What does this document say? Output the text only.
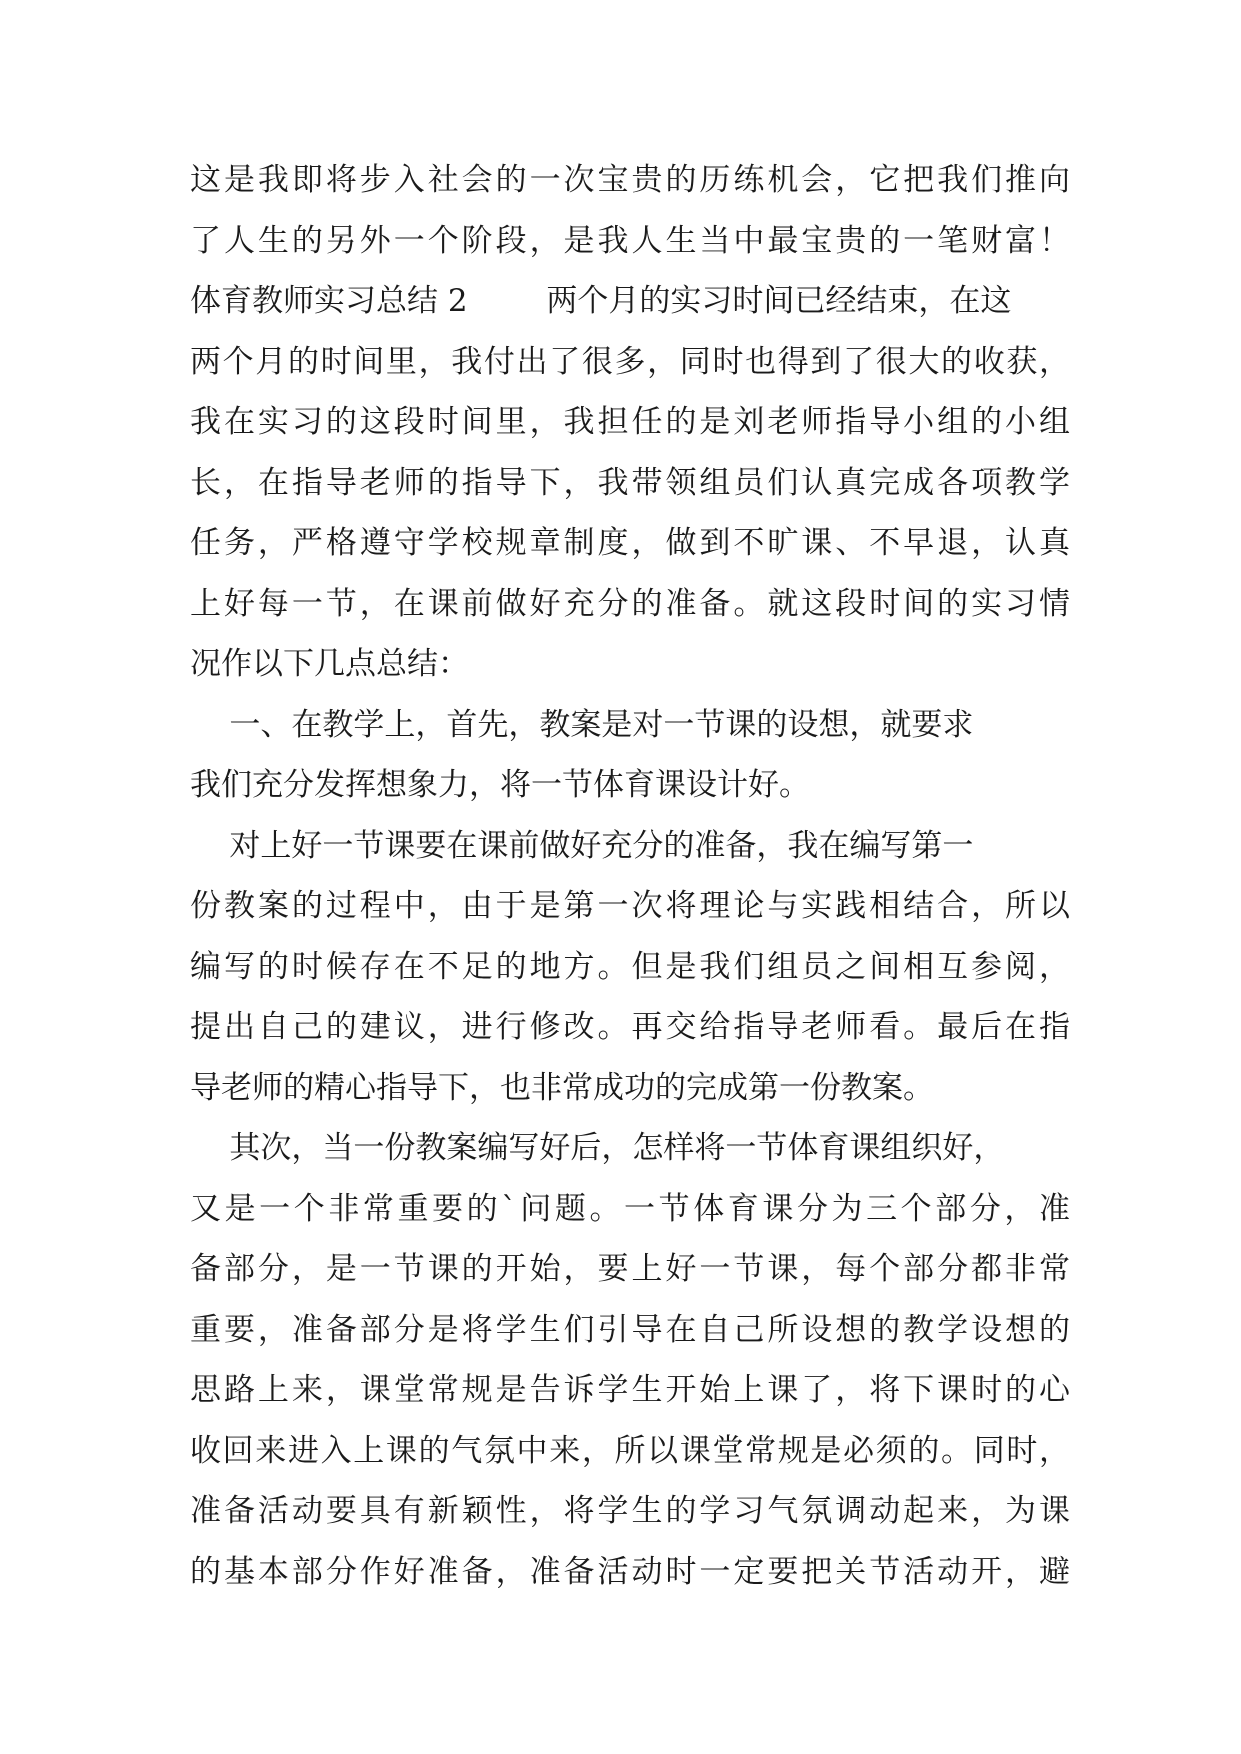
这是我即将步入社会的一次宝贵的历练机会，它把我们推向
了人生的另外一个阶段，是我人生当中最宝贵的一笔财富！
体育教师实习总结 2        两个月的实习时间已经结束，在这
两个月的时间里，我付出了很多，同时也得到了很大的收获，
我在实习的这段时间里，我担任的是刘老师指导小组的小组
长，在指导老师的指导下，我带领组员们认真完成各项教学
任务，严格遵守学校规章制度，做到不旷课、不早退，认真
上好每一节，在课前做好充分的准备。就这段时间的实习情
况作以下几点总结：
一、在教学上，首先，教案是对一节课的设想，就要求
我们充分发挥想象力，将一节体育课设计好。
对上好一节课要在课前做好充分的准备，我在编写第一
份教案的过程中，由于是第一次将理论与实践相结合，所以
编写的时候存在不足的地方。但是我们组员之间相互参阅，
提出自己的建议，进行修改。再交给指导老师看。最后在指
导老师的精心指导下，也非常成功的完成第一份教案。
其次，当一份教案编写好后，怎样将一节体育课组织好，
又是一个非常重要的`问题。一节体育课分为三个部分，准
备部分，是一节课的开始，要上好一节课，每个部分都非常
重要，准备部分是将学生们引导在自己所设想的教学设想的
思路上来，课堂常规是告诉学生开始上课了，将下课时的心
收回来进入上课的气氛中来，所以课堂常规是必须的。同时，
准备活动要具有新颖性，将学生的学习气氛调动起来，为课
的基本部分作好准备，准备活动时一定要把关节活动开，避
